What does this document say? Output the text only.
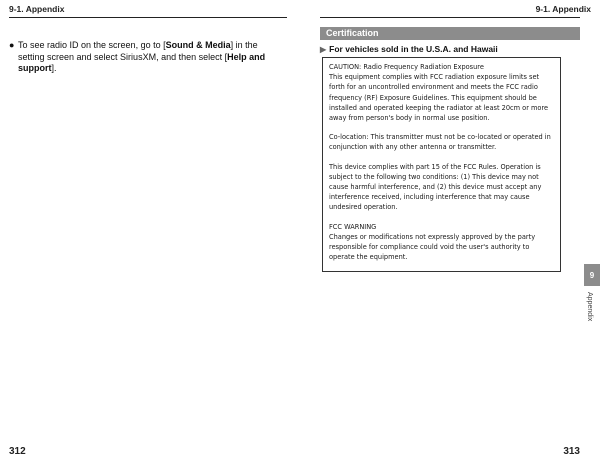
9-1. Appendix	9-1. Appendix
● To see radio ID on the screen, go to [Sound & Media] in the setting screen and select SiriusXM, and then select [Help and support].
Certification
▶ For vehicles sold in the U.S.A. and Hawaii

CAUTION: Radio Frequency Radiation Exposure
This equipment complies with FCC radiation exposure limits set forth for an uncontrolled environment and meets the FCC radio frequency (RF) Exposure Guidelines. This equipment should be installed and operated keeping the radiator at least 20cm or more away from person's body in normal use position.

Co-location: This transmitter must not be co-located or operated in conjunction with any other antenna or transmitter.

This device complies with part 15 of the FCC Rules. Operation is subject to the following two conditions: (1) This device may not cause harmful interference, and (2) this device must accept any interference received, including interference that may cause undesired operation.

FCC WARNING
Changes or modifications not expressly approved by the party responsible for compliance could void the user's authority to operate the equipment.

9
Appendix
312	313
